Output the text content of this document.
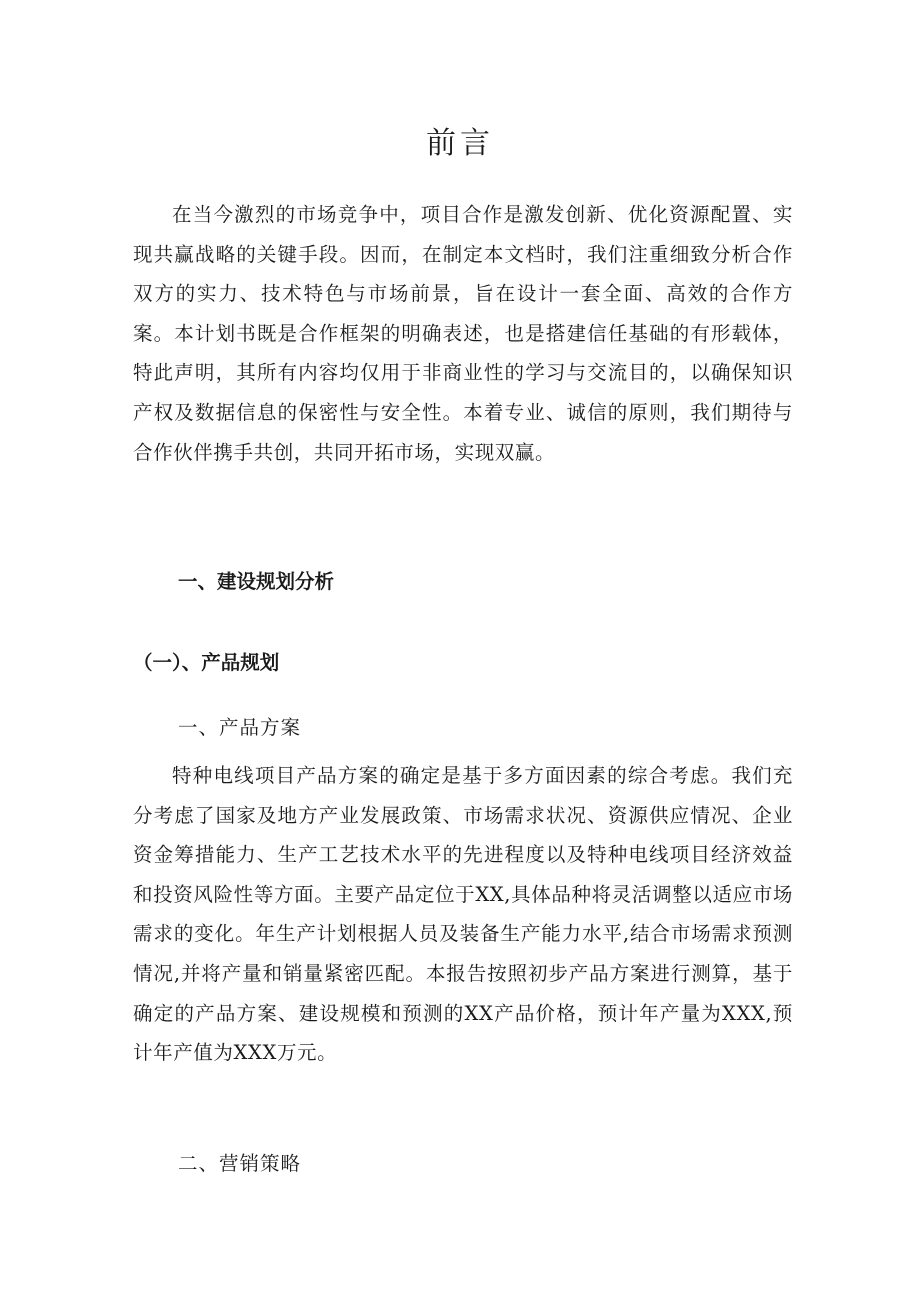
前言

在当今激烈的市场竞争中，项目合作是激发创新、优化资源配置、实现共赢战略的关键手段。因而，在制定本文档时，我们注重细致分析合作双方的实力、技术特色与市场前景，旨在设计一套全面、高效的合作方案。本计划书既是合作框架的明确表述，也是搭建信任基础的有形载体，特此声明，其所有内容均仅用于非商业性的学习与交流目的，以确保知识产权及数据信息的保密性与安全性。本着专业、诚信的原则，我们期待与合作伙伴携手共创，共同开拓市场，实现双赢。

一、建设规划分析
（一）、产品规划
一、产品方案

特种电线项目产品方案的确定是基于多方面因素的综合考虑。我们充分考虑了国家及地方产业发展政策、市场需求状况、资源供应情况、企业资金筹措能力、生产工艺技术水平的先进程度以及特种电线项目经济效益和投资风险性等方面。主要产品定位于XX,具体品种将灵活调整以适应市场需求的变化。年生产计划根据人员及装备生产能力水平,结合市场需求预测情况,并将产量和销量紧密匹配。本报告按照初步产品方案进行测算，基于确定的产品方案、建设规模和预测的XX产品价格，预计年产量为XXX,预计年产值为XXX万元。

二、营销策略
